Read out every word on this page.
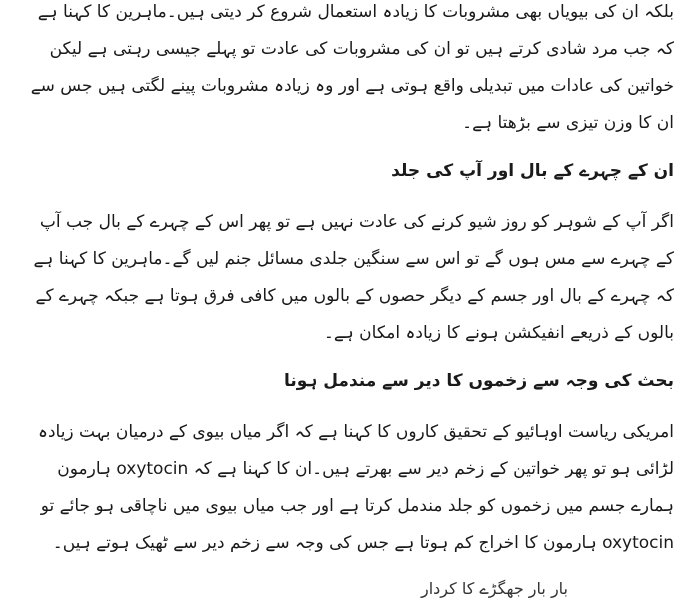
بلکہ ان کی بیویاں بھی مشروبات کا زیادہ استعمال شروع کر دیتی ہیں۔ماہرین کا کہنا ہے کہ جب مرد شادی کرتے ہیں تو ان کی مشروبات کی عادت تو پہلے جیسی رہتی ہے لیکن خواتین کی عادات میں تبدیلی واقع ہوتی ہے اور وہ زیادہ مشروبات پینے لگتی ہیں جس سے ان کا وزن تیزی سے بڑھتا ہے۔

ان کے چہرے کے بال اور آپ کی جلد

اگر آپ کے شوہر کو روز شیو کرنے کی عادت نہیں ہے تو پھر اس کے چہرے کے بال جب آپ کے چہرے سے مس ہوں گے تو اس سے سنگین جلدی مسائل جنم لیں گے۔ماہرین کا کہنا ہے کہ چہرے کے بال اور جسم کے دیگر حصوں کے بالوں میں کافی فرق ہوتا ہے جبکہ چہرے کے بالوں کے ذریعے انفیکشن ہونے کا زیادہ امکان ہے۔

بحث کی وجہ سے زخموں کا دیر سے مندمل ہونا

امریکی ریاست اوہائیو کے تحقیق کاروں کا کہنا ہے کہ اگر میاں بیوی کے درمیان بہت زیادہ لڑائی ہو تو پھر خواتین کے زخم دیر سے بھرتے ہیں۔ان کا کہنا ہے کہ oxytocin ہارمون ہمارے جسم میں زخموں کو جلد مندمل کرتا ہے اور جب میاں بیوی میں ناچاقی ہو جائے تو oxytocin ہارمون کا اخراج کم ہوتا ہے جس کی وجہ سے زخم دیر سے ٹھیک ہوتے ہیں۔

بار بار جھگڑے کا کردار
